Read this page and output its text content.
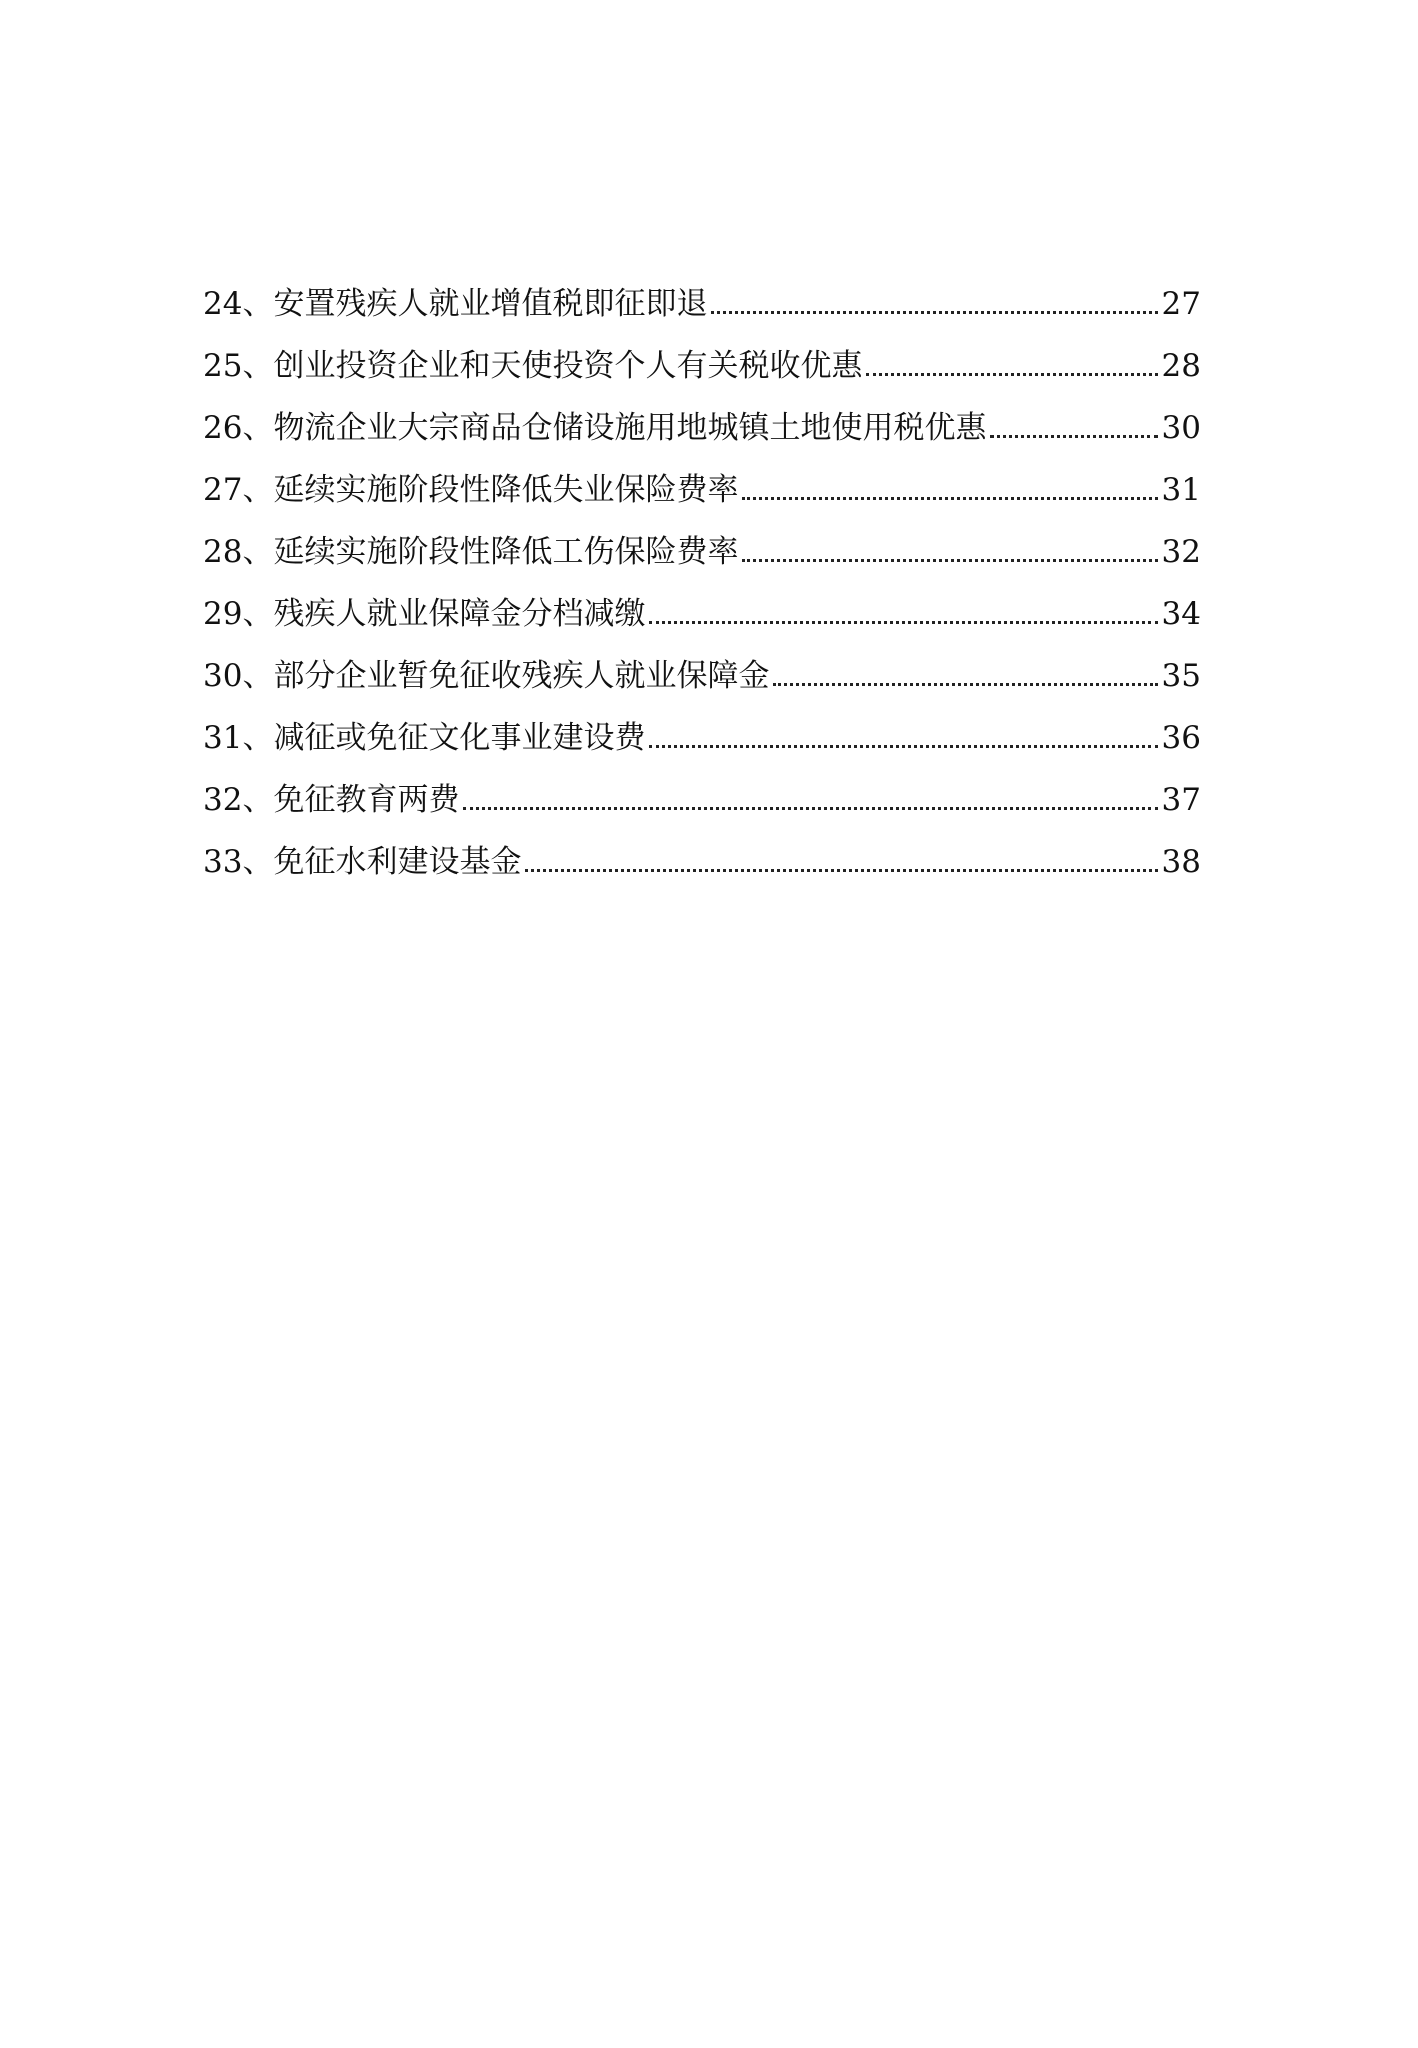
24、 安置残疾人就业增值税即征即退	27
25、 创业投资企业和天使投资个人有关税收优惠	28
26、 物流企业大宗商品仓储设施用地城镇土地使用税优惠	30
27、 延续实施阶段性降低失业保险费率	31
28、 延续实施阶段性降低工伤保险费率	32
29、 残疾人就业保障金分档减缴	34
30、 部分企业暂免征收残疾人就业保障金	35
31、 减征或免征文化事业建设费	36
32、 免征教育两费	37
33、 免征水利建设基金	38
